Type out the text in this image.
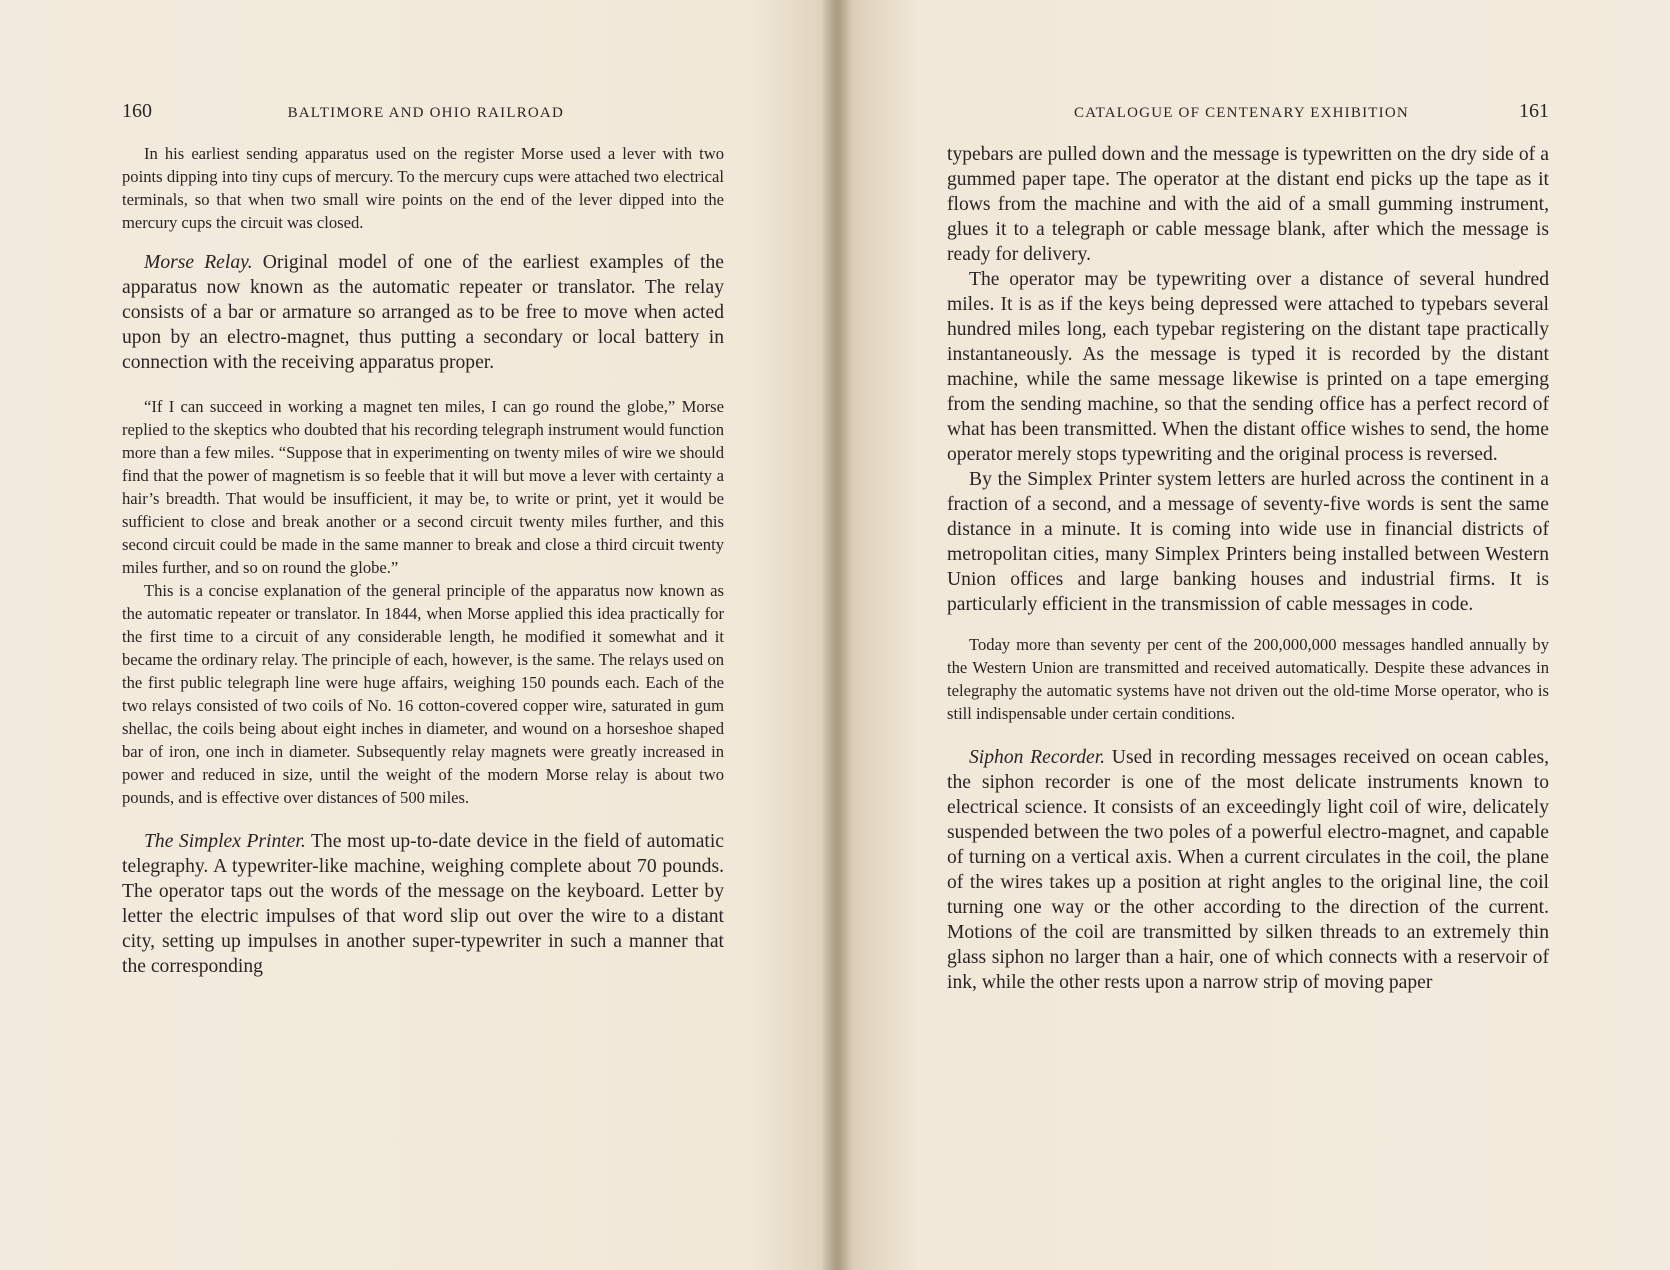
160	BALTIMORE AND OHIO RAILROAD

In his earliest sending apparatus used on the register Morse used a lever with two points dipping into tiny cups of mercury. To the mercury cups were attached two electrical terminals, so that when two small wire points on the end of the lever dipped into the mercury cups the circuit was closed.

Morse Relay. Original model of one of the earliest examples of the apparatus now known as the automatic repeater or translator. The relay consists of a bar or armature so arranged as to be free to move when acted upon by an electro-magnet, thus putting a secondary or local battery in connection with the receiving apparatus proper.

“If I can succeed in working a magnet ten miles, I can go round the globe,” Morse replied to the skeptics who doubted that his recording telegraph instrument would function more than a few miles. “Suppose that in experimenting on twenty miles of wire we should find that the power of magnetism is so feeble that it will but move a lever with certainty a hair’s breadth. That would be insufficient, it may be, to write or print, yet it would be sufficient to close and break another or a second circuit twenty miles further, and this second circuit could be made in the same manner to break and close a third circuit twenty miles further, and so on round the globe.”

This is a concise explanation of the general principle of the apparatus now known as the automatic repeater or translator. In 1844, when Morse applied this idea practically for the first time to a circuit of any considerable length, he modified it somewhat and it became the ordinary relay. The principle of each, however, is the same. The relays used on the first public telegraph line were huge affairs, weighing 150 pounds each. Each of the two relays consisted of two coils of No. 16 cotton-covered copper wire, saturated in gum shellac, the coils being about eight inches in diameter, and wound on a horseshoe shaped bar of iron, one inch in diameter. Subsequently relay magnets were greatly increased in power and reduced in size, until the weight of the modern Morse relay is about two pounds, and is effective over distances of 500 miles.

The Simplex Printer. The most up-to-date device in the field of automatic telegraphy. A typewriter-like machine, weighing complete about 70 pounds. The operator taps out the words of the message on the keyboard. Letter by letter the electric impulses of that word slip out over the wire to a distant city, setting up impulses in another super-typewriter in such a manner that the corresponding

CATALOGUE OF CENTENARY EXHIBITION	161

typebars are pulled down and the message is typewritten on the dry side of a gummed paper tape. The operator at the distant end picks up the tape as it flows from the machine and with the aid of a small gumming instrument, glues it to a telegraph or cable message blank, after which the message is ready for delivery.

The operator may be typewriting over a distance of several hundred miles. It is as if the keys being depressed were attached to typebars several hundred miles long, each typebar registering on the distant tape practically instantaneously. As the message is typed it is recorded by the distant machine, while the same message likewise is printed on a tape emerging from the sending machine, so that the sending office has a perfect record of what has been transmitted. When the distant office wishes to send, the home operator merely stops typewriting and the original process is reversed.

By the Simplex Printer system letters are hurled across the continent in a fraction of a second, and a message of seventy-five words is sent the same distance in a minute. It is coming into wide use in financial districts of metropolitan cities, many Simplex Printers being installed between Western Union offices and large banking houses and industrial firms. It is particularly efficient in the transmission of cable messages in code.

Today more than seventy per cent of the 200,000,000 messages handled annually by the Western Union are transmitted and received automatically. Despite these advances in telegraphy the automatic systems have not driven out the old-time Morse operator, who is still indispensable under certain conditions.

Siphon Recorder. Used in recording messages received on ocean cables, the siphon recorder is one of the most delicate instruments known to electrical science. It consists of an exceedingly light coil of wire, delicately suspended between the two poles of a powerful electro-magnet, and capable of turning on a vertical axis. When a current circulates in the coil, the plane of the wires takes up a position at right angles to the original line, the coil turning one way or the other according to the direction of the current. Motions of the coil are transmitted by silken threads to an extremely thin glass siphon no larger than a hair, one of which connects with a reservoir of ink, while the other rests upon a narrow strip of moving paper
